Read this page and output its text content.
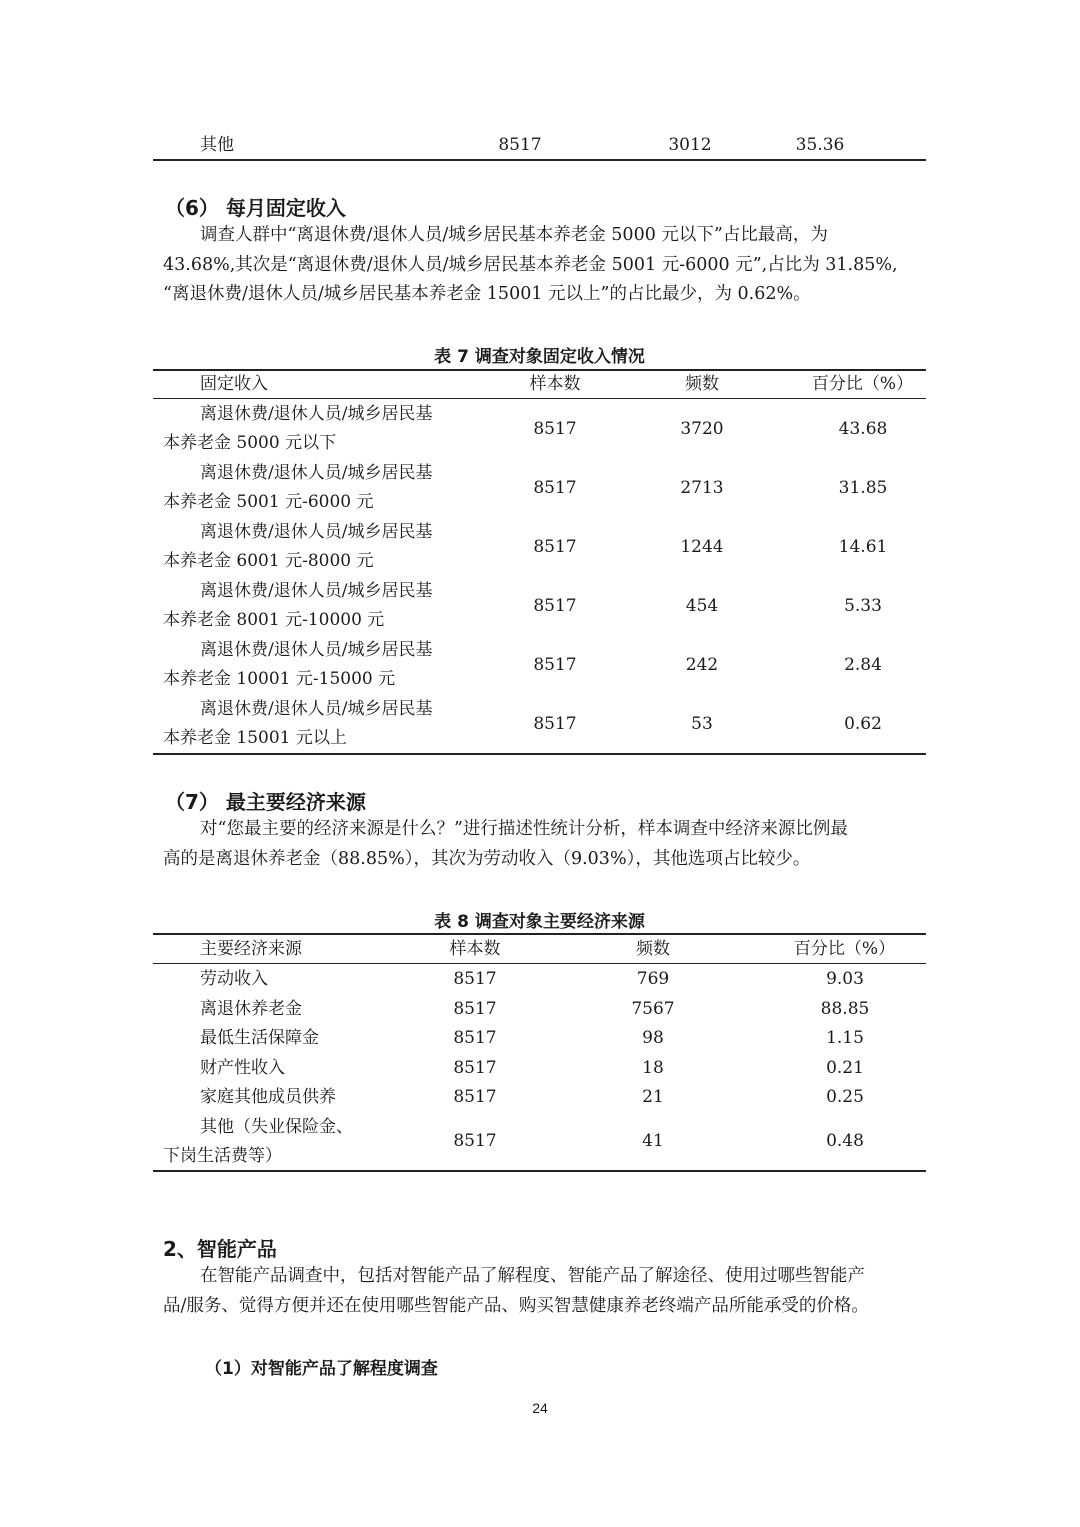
其他	8517	3012	35.36
（6） 每月固定收入
调查人群中“离退休费/退休人员/城乡居民基本养老金 5000 元以下”占比最高，为
43.68%,其次是“离退休费/退休人员/城乡居民基本养老金 5001 元-6000 元”,占比为 31.85%,
“离退休费/退休人员/城乡居民基本养老金 15001 元以上”的占比最少，为 0.62%。
表 7 调查对象固定收入情况
固定收入	样本数	频数	百分比（%）
离退休费/退休人员/城乡居民基
本养老金 5000 元以下
8517	3720	43.68
离退休费/退休人员/城乡居民基
本养老金 5001 元-6000 元
8517	2713	31.85
离退休费/退休人员/城乡居民基
本养老金 6001 元-8000 元
8517	1244	14.61
离退休费/退休人员/城乡居民基
本养老金 8001 元-10000 元
8517	454	5.33
离退休费/退休人员/城乡居民基
本养老金 10001 元-15000 元
8517	242	2.84
离退休费/退休人员/城乡居民基
本养老金 15001 元以上
8517	53	0.62
（7） 最主要经济来源
对“您最主要的经济来源是什么？”进行描述性统计分析，样本调查中经济来源比例最
高的是离退休养老金（88.85%），其次为劳动收入（9.03%），其他选项占比较少。
表 8 调查对象主要经济来源
主要经济来源	样本数	频数	百分比（%）
劳动收入	8517	769	9.03
离退休养老金	8517	7567	88.85
最低生活保障金	8517	98	1.15
财产性收入	8517	18	0.21
家庭其他成员供养	8517	21	0.25
其他（失业保险金、
下岗生活费等）
8517	41	0.48
2、智能产品
在智能产品调查中，包括对智能产品了解程度、智能产品了解途径、使用过哪些智能产
品/服务、觉得方便并还在使用哪些智能产品、购买智慧健康养老终端产品所能承受的价格。
（1）对智能产品了解程度调查
24
